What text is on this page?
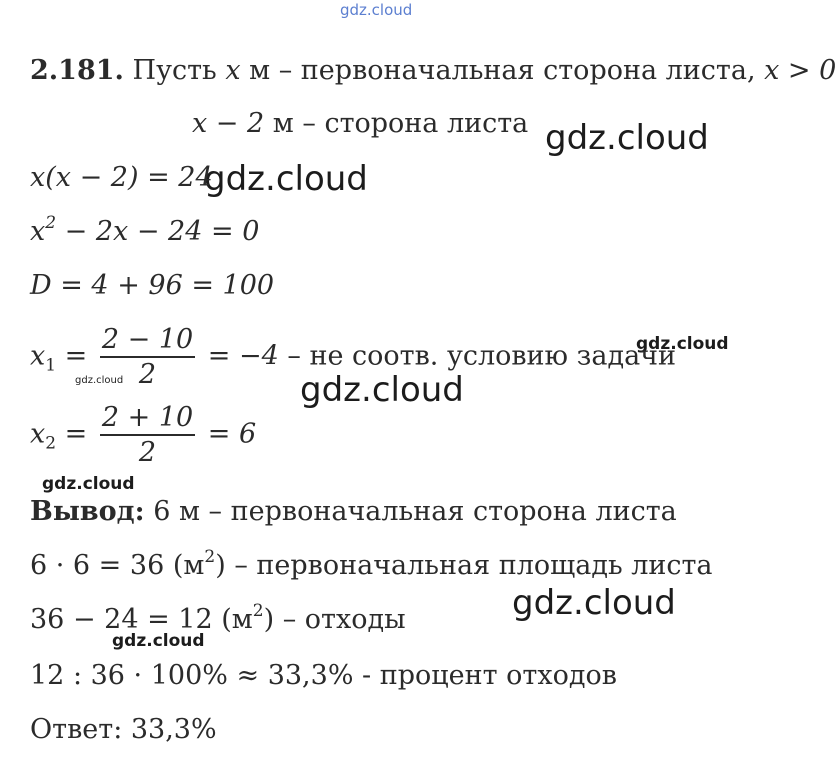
gdz.cloud
gdz.cloud
gdz.cloud
gdz.cloud
gdz.cloud	gdz.cloud
gdz.cloud
gdz.cloud
gdz.cloud
2.181. Пусть x м – первоначальная сторона листа, x > 0
x − 2 м – сторона листа
x(x − 2) = 24
$x^2 - 2x - 24 = 0$
D = 4 + 96 = 100
$x_1 = \frac{2 - 10}{2} = -4$ – не соотв. условию задачи
$x_2 = \frac{2 + 10}{2} = 6$
Вывод: 6 м – первоначальная сторона листа
6 · 6 = 36 $(м^2)$ – первоначальная площадь листа
36 − 24 = 12 $(м^2)$ – отходы
12 : 36 · 100% ≈ 33,3% - процент отходов
Ответ: 33,3%
